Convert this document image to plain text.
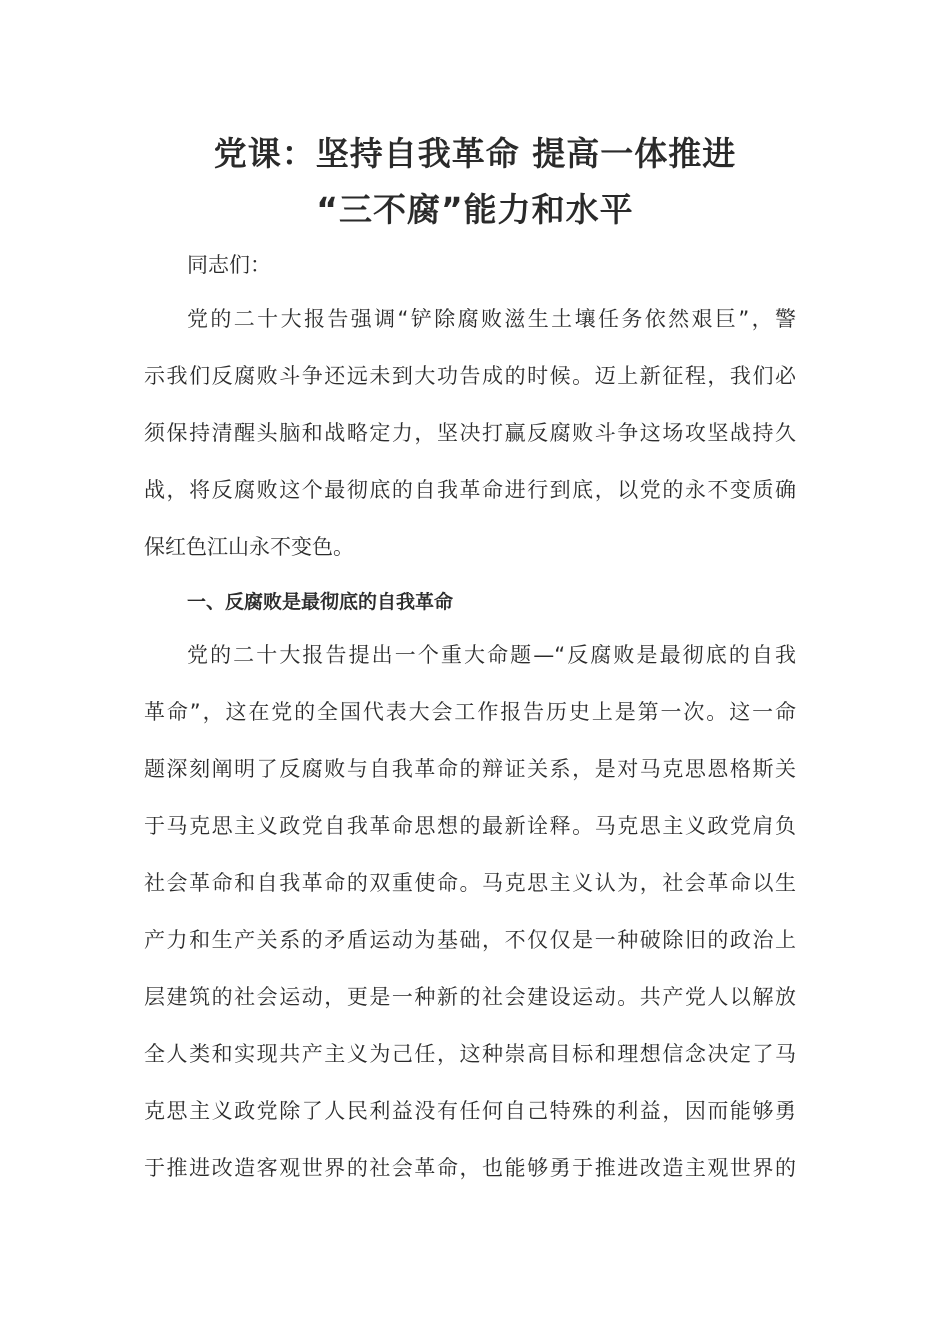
党课：坚持自我革命 提高一体推进
“三不腐”能力和水平
同志们：
党的二十大报告强调“铲除腐败滋生土壤任务依然艰巨”，警
示我们反腐败斗争还远未到大功告成的时候。迈上新征程，我们必
须保持清醒头脑和战略定力，坚决打赢反腐败斗争这场攻坚战持久
战，将反腐败这个最彻底的自我革命进行到底，以党的永不变质确
保红色江山永不变色。
一、反腐败是最彻底的自我革命
党的二十大报告提出一个重大命题—“反腐败是最彻底的自我
革命”，这在党的全国代表大会工作报告历史上是第一次。这一命
题深刻阐明了反腐败与自我革命的辩证关系，是对马克思恩格斯关
于马克思主义政党自我革命思想的最新诠释。马克思主义政党肩负
社会革命和自我革命的双重使命。马克思主义认为，社会革命以生
产力和生产关系的矛盾运动为基础，不仅仅是一种破除旧的政治上
层建筑的社会运动，更是一种新的社会建设运动。共产党人以解放
全人类和实现共产主义为己任，这种崇高目标和理想信念决定了马
克思主义政党除了人民利益没有任何自己特殊的利益，因而能够勇
于推进改造客观世界的社会革命，也能够勇于推进改造主观世界的
